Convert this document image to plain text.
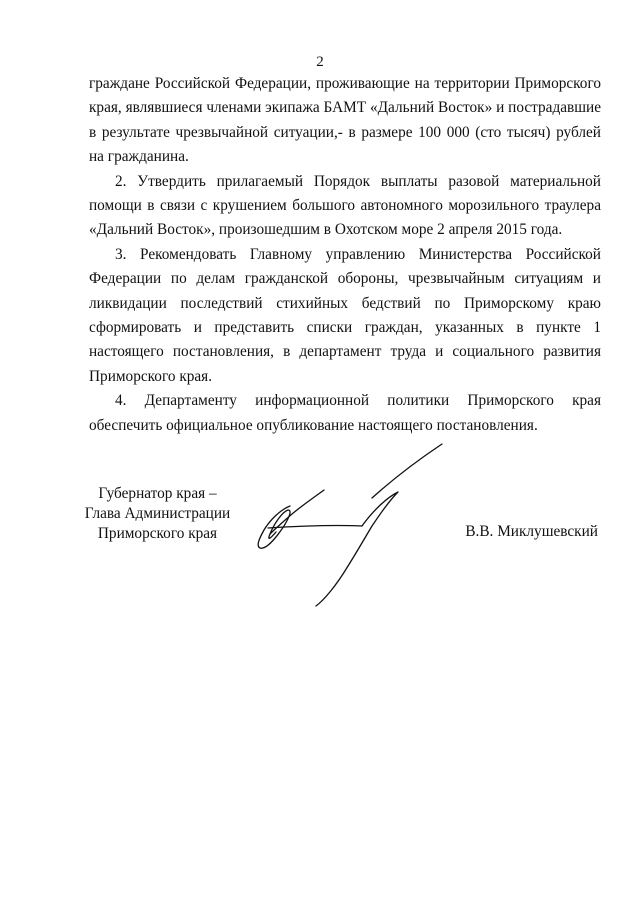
2

граждане Российской Федерации, проживающие на территории Приморского края, являвшиеся членами экипажа БАМТ «Дальний Восток» и пострадавшие в результате чрезвычайной ситуации,- в размере 100 000 (сто тысяч) рублей на гражданина.

2. Утвердить прилагаемый Порядок выплаты разовой материальной помощи в связи с крушением большого автономного морозильного траулера «Дальний Восток», произошедшим в Охотском море 2 апреля 2015 года.

3. Рекомендовать Главному управлению Министерства Российской Федерации по делам гражданской обороны, чрезвычайным ситуациям и ликвидации последствий стихийных бедствий по Приморскому краю сформировать и представить списки граждан, указанных в пункте 1 настоящего постановления, в департамент труда и социального развития Приморского края.

4. Департаменту информационной политики Приморского края обеспечить официальное опубликование настоящего постановления.

Губернатор края –
Глава Администрации
Приморского края	В.В. Миклушевский
